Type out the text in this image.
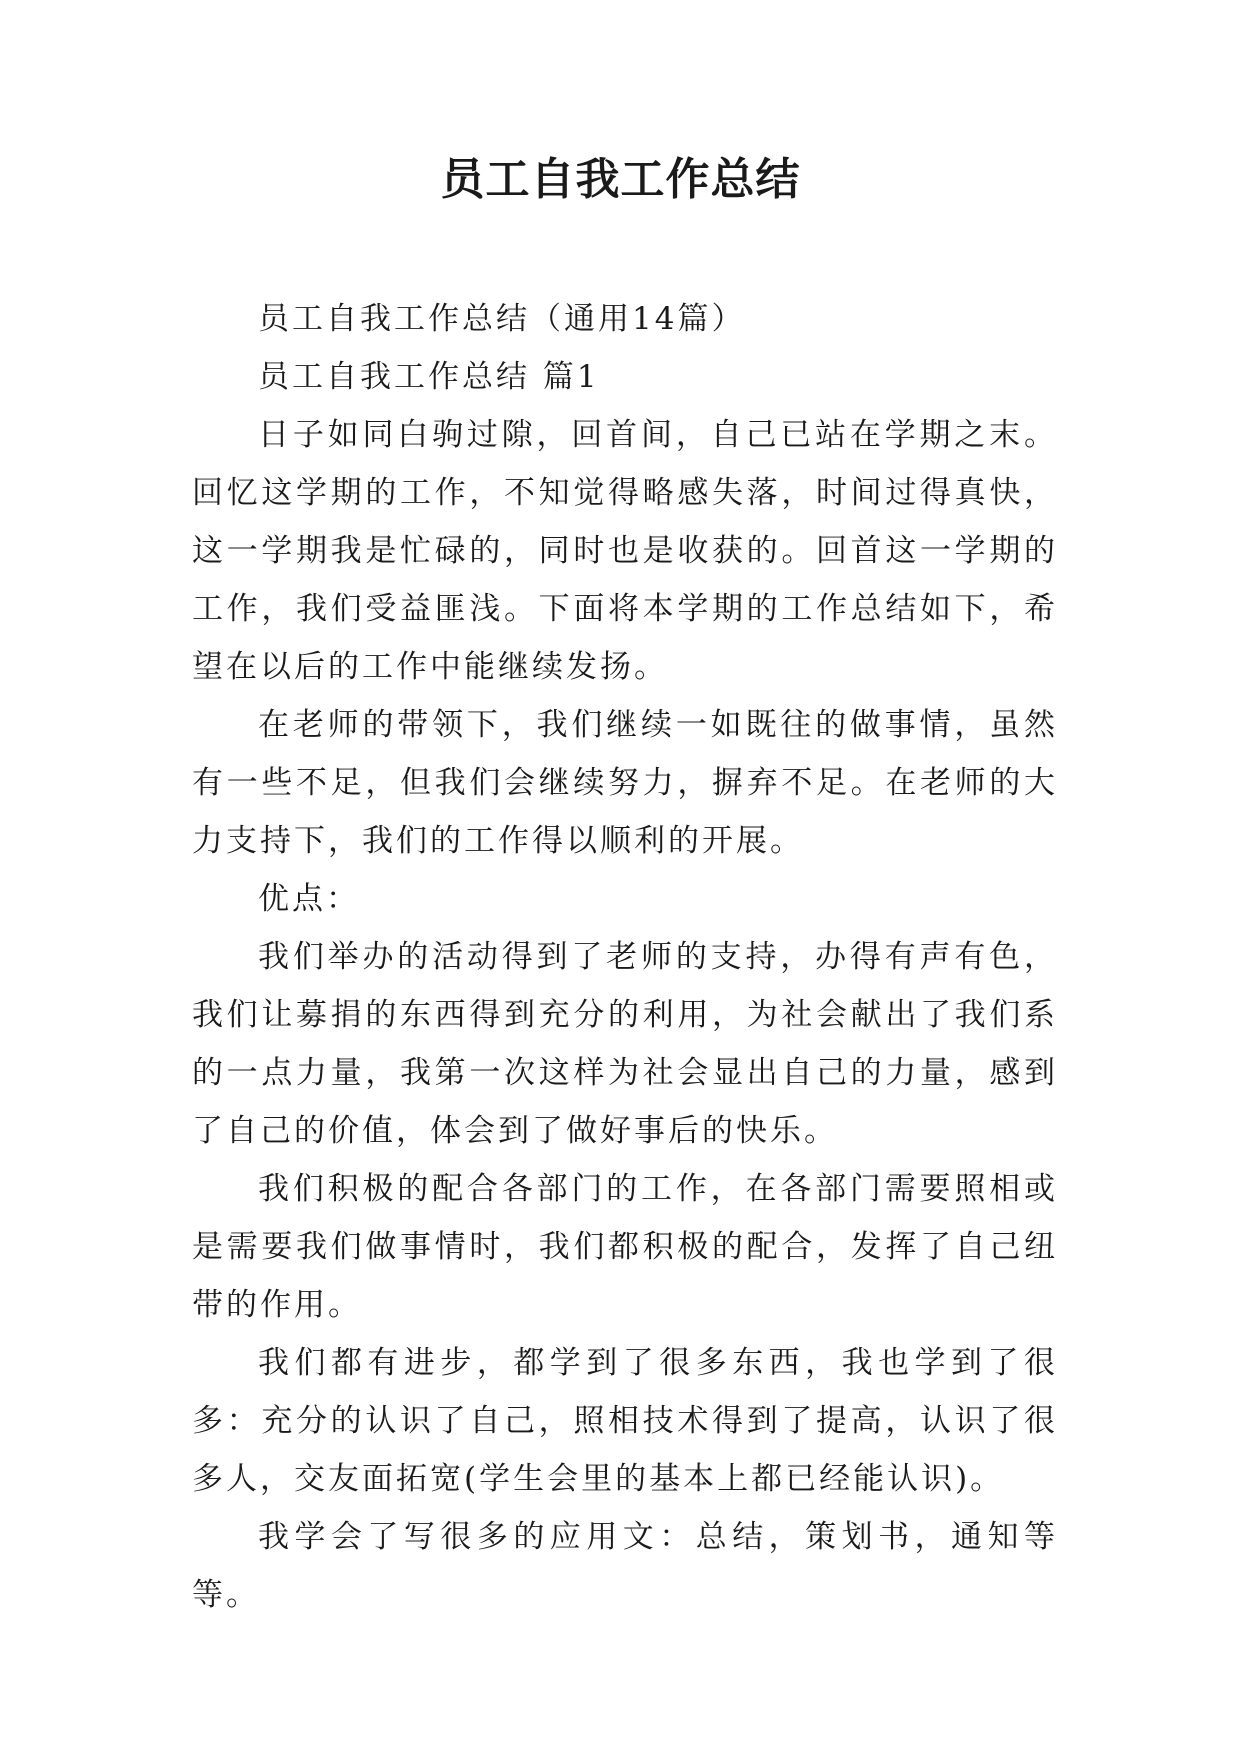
员工自我工作总结

员工自我工作总结（通用14篇）

员工自我工作总结 篇1

日子如同白驹过隙，回首间，自己已站在学期之末。回忆这学期的工作，不知觉得略感失落，时间过得真快，这一学期我是忙碌的，同时也是收获的。回首这一学期的工作，我们受益匪浅。下面将本学期的工作总结如下，希望在以后的工作中能继续发扬。

在老师的带领下，我们继续一如既往的做事情，虽然有一些不足，但我们会继续努力，摒弃不足。在老师的大力支持下，我们的工作得以顺利的开展。

优点：

我们举办的活动得到了老师的支持，办得有声有色，我们让募捐的东西得到充分的利用，为社会献出了我们系的一点力量，我第一次这样为社会显出自己的力量，感到了自己的价值，体会到了做好事后的快乐。

我们积极的配合各部门的工作，在各部门需要照相或是需要我们做事情时，我们都积极的配合，发挥了自己纽带的作用。

我们都有进步，都学到了很多东西，我也学到了很多：充分的认识了自己，照相技术得到了提高，认识了很多人，交友面拓宽(学生会里的基本上都已经能认识)。

我学会了写很多的应用文：总结，策划书，通知等等。
